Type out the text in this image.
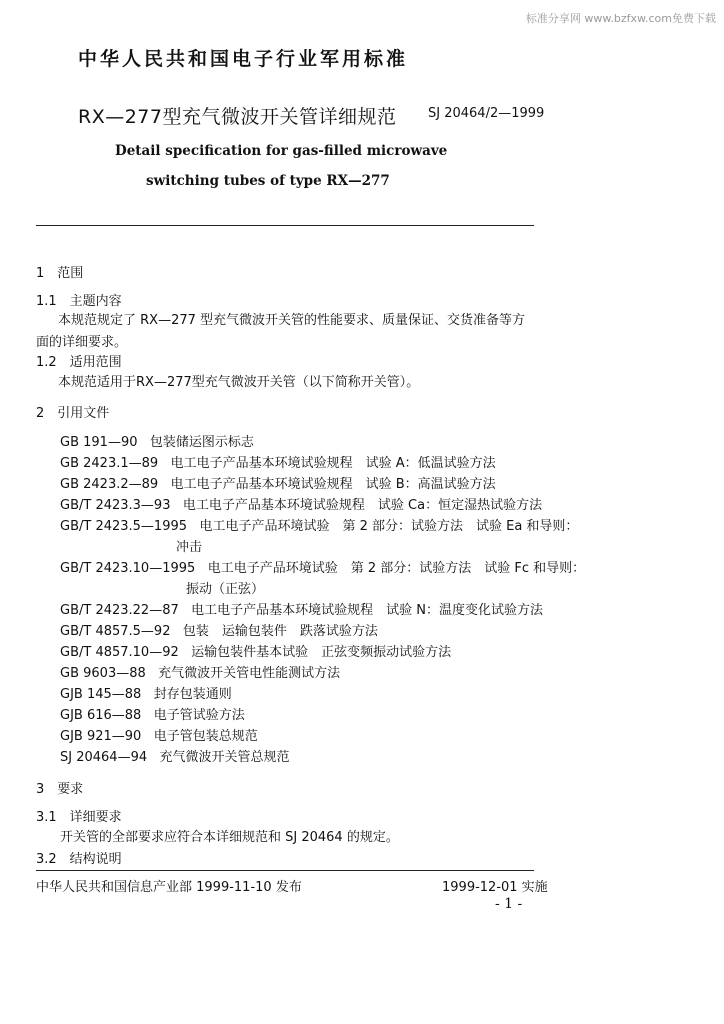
标准分享网 www.bzfxw.com免费下载
中华人民共和国电子行业军用标准
RX—277型充气微波开关管详细规范 SJ 20464/2—1999
Detail specification for gas-filled microwave
switching tubes of type RX—277
1　范围
1.1　主题内容
本规范规定了 RX—277 型充气微波开关管的性能要求、质量保证、交货准备等方
面的详细要求。
1.2　适用范围
本规范适用于RX—277型充气微波开关管（以下简称开关管）。
2　引用文件
GB 191—90 包装储运图示标志
GB 2423.1—89 电工电子产品基本环境试验规程　试验 A：低温试验方法
GB 2423.2—89 电工电子产品基本环境试验规程　试验 B：高温试验方法
GB/T 2423.3—93 电工电子产品基本环境试验规程　试验 Ca：恒定湿热试验方法
GB/T 2423.5—1995 电工电子产品环境试验　第 2 部分：试验方法　试验 Ea 和导则：
冲击
GB/T 2423.10—1995 电工电子产品环境试验　第 2 部分：试验方法　试验 Fc 和导则：
振动（正弦）
GB/T 2423.22—87 电工电子产品基本环境试验规程　试验 N：温度变化试验方法
GB/T 4857.5—92 包装　运输包装件　跌落试验方法
GB/T 4857.10—92 运输包装件基本试验　正弦变频振动试验方法
GB 9603—88 充气微波开关管电性能测试方法
GJB 145—88 封存包装通则
GJB 616—88 电子管试验方法
GJB 921—90 电子管包装总规范
SJ 20464—94 充气微波开关管总规范
3　要求
3.1　详细要求
开关管的全部要求应符合本详细规范和 SJ 20464 的规定。
3.2　结构说明
中华人民共和国信息产业部 1999-11-10 发布	1999-12-01 实施
- 1 -
